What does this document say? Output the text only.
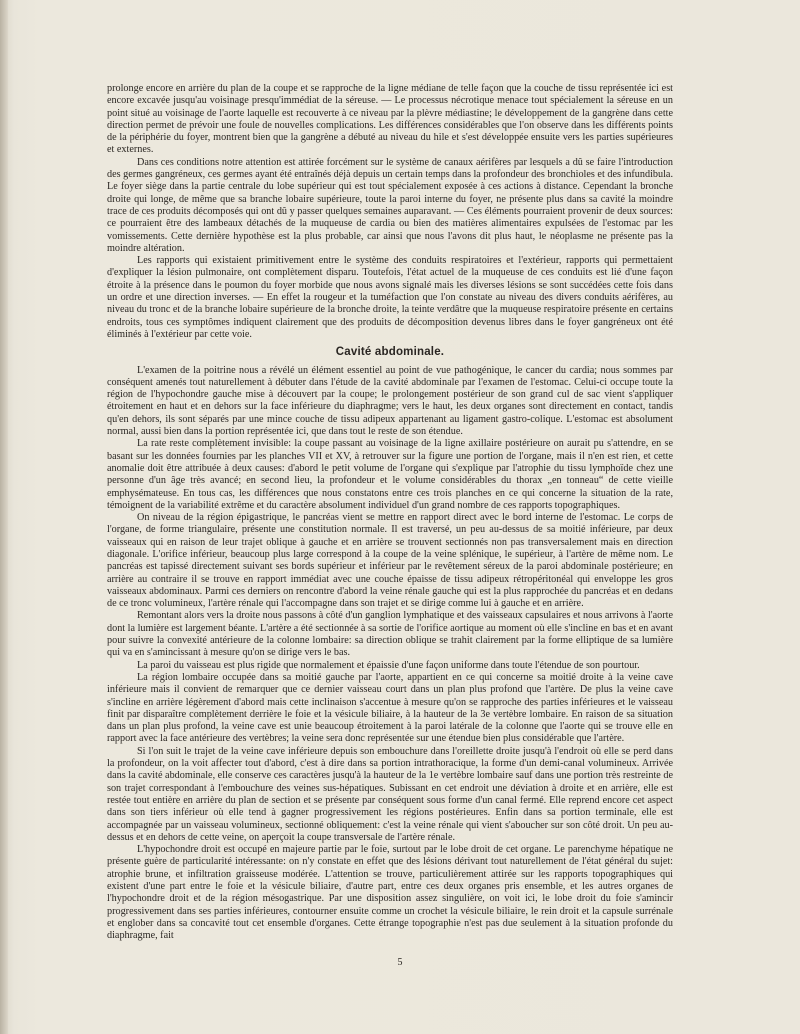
prolonge encore en arrière du plan de la coupe et se rapproche de la ligne médiane de telle façon que la couche de tissu représentée ici est encore excavée jusqu'au voisinage presqu'immédiat de la séreuse. — Le processus nécrotique menace tout spécialement la séreuse en un point situé au voisinage de l'aorte laquelle est recouverte à ce niveau par la plèvre médiastine; le développement de la gangrène dans cette direction permet de prévoir une foule de nouvelles complications. Les différences considérables que l'on observe dans les différents points de la périphérie du foyer, montrent bien que la gangrène a débuté au niveau du hile et s'est développée ensuite vers les parties supérieures et externes.

Dans ces conditions notre attention est attirée forcément sur le système de canaux aérifères par lesquels a dû se faire l'introduction des germes gangréneux, ces germes ayant été entraînés déjà depuis un certain temps dans la profondeur des bronchioles et des infundibula. Le foyer siège dans la partie centrale du lobe supérieur qui est tout spécialement exposée à ces actions à distance. Cependant la bronche droite qui longe, de même que sa branche lobaire supérieure, toute la paroi interne du foyer, ne présente plus dans sa cavité la moindre trace de ces produits décomposés qui ont dû y passer quelques semaines auparavant. — Ces éléments pourraient provenir de deux sources: ce pourraient être des lambeaux détachés de la muqueuse de cardia ou bien des matières alimentaires expulsées de l'estomac par les vomissements. Cette dernière hypothèse est la plus probable, car ainsi que nous l'avons dit plus haut, le néoplasme ne présente pas la moindre altération.

Les rapports qui existaient primitivement entre le système des conduits respiratoires et l'extérieur, rapports qui permettaient d'expliquer la lésion pulmonaire, ont complètement disparu. Toutefois, l'état actuel de la muqueuse de ces conduits est lié d'une façon étroite à la présence dans le poumon du foyer morbide que nous avons signalé mais les diverses lésions se sont succédées cette fois dans un ordre et une direction inverses. — En effet la rougeur et la tuméfaction que l'on constate au niveau des divers conduits aérifères, au niveau du tronc et de la branche lobaire supérieure de la bronche droite, la teinte verdâtre que la muqueuse respiratoire présente en certains endroits, tous ces symptômes indiquent clairement que des produits de décomposition devenus libres dans le foyer gangréneux ont été éliminés à l'extérieur par cette voie.

Cavité abdominale.

L'examen de la poitrine nous a révélé un élément essentiel au point de vue pathogénique, le cancer du cardia; nous sommes par conséquent amenés tout naturellement à débuter dans l'étude de la cavité abdominale par l'examen de l'estomac. Celui-ci occupe toute la région de l'hypochondre gauche mise à découvert par la coupe; le prolongement postérieur de son grand cul de sac vient s'appliquer étroitement en haut et en dehors sur la face inférieure du diaphragme; vers le haut, les deux organes sont directement en contact, tandis qu'en dehors, ils sont séparés par une mince couche de tissu adipeux appartenant au ligament gastro-colique. L'estomac est absolument normal, aussi bien dans la portion représentée ici, que dans tout le reste de son étendue.

La rate reste complètement invisible: la coupe passant au voisinage de la ligne axillaire postérieure on aurait pu s'attendre, en se basant sur les données fournies par les planches VII et XV, à retrouver sur la figure une portion de l'organe, mais il n'en est rien, et cette anomalie doit être attribuée à deux causes: d'abord le petit volume de l'organe qui s'explique par l'atrophie du tissu lymphoïde chez une personne d'un âge très avancé; en second lieu, la profondeur et le volume considérables du thorax „en tonneau“ de cette vieille emphysémateuse. En tous cas, les différences que nous constatons entre ces trois planches en ce qui concerne la situation de la rate, témoignent de la variabilité extrême et du caractère absolument individuel d'un grand nombre de ces rapports topographiques.

On niveau de la région épigastrique, le pancréas vient se mettre en rapport direct avec le bord interne de l'estomac. Le corps de l'organe, de forme triangulaire, présente une constitution normale. Il est traversé, un peu au-dessus de sa moitié inférieure, par deux vaisseaux qui en raison de leur trajet oblique à gauche et en arrière se trouvent sectionnés non pas transversalement mais en direction diagonale. L'orifice inférieur, beaucoup plus large correspond à la coupe de la veine splénique, le supérieur, à l'artère de même nom. Le pancréas est tapissé directement suivant ses bords supérieur et inférieur par le revêtement séreux de la paroi abdominale postérieure; en arrière au contraire il se trouve en rapport immédiat avec une couche épaisse de tissu adipeux rétropéritonéal qui enveloppe les gros vaisseaux abdominaux. Parmi ces derniers on rencontre d'abord la veine rénale gauche qui est la plus rapprochée du pancréas et en dedans de ce tronc volumineux, l'artère rénale qui l'accompagne dans son trajet et se dirige comme lui à gauche et en arrière.

Remontant alors vers la droite nous passons à côté d'un ganglion lymphatique et des vaisseaux capsulaires et nous arrivons à l'aorte dont la lumière est largement béante. L'artère a été sectionnée à sa sortie de l'orifice aortique au moment où elle s'incline en bas et en avant pour suivre la convexité antérieure de la colonne lombaire: sa direction oblique se trahit clairement par la forme elliptique de sa lumière qui va en s'amincissant à mesure qu'on se dirige vers le bas.

La paroi du vaisseau est plus rigide que normalement et épaissie d'une façon uniforme dans toute l'étendue de son pourtour.

La région lombaire occupée dans sa moitié gauche par l'aorte, appartient en ce qui concerne sa moitié droite à la veine cave inférieure mais il convient de remarquer que ce dernier vaisseau court dans un plan plus profond que l'artère. De plus la veine cave s'incline en arrière légèrement d'abord mais cette inclinaison s'accentue à mesure qu'on se rapproche des parties inférieures et le vaisseau finit par disparaître complètement derrière le foie et la vésicule biliaire, à la hauteur de la 3e vertèbre lombaire. En raison de sa situation dans un plan plus profond, la veine cave est unie beaucoup étroitement à la paroi latérale de la colonne que l'aorte qui se trouve elle en rapport avec la face antérieure des vertèbres; la veine sera donc représentée sur une étendue bien plus considérable que l'artère.

Si l'on suit le trajet de la veine cave inférieure depuis son embouchure dans l'oreillette droite jusqu'à l'endroit où elle se perd dans la profondeur, on la voit affecter tout d'abord, c'est à dire dans sa portion intrathoracique, la forme d'un demi-canal volumineux. Arrivée dans la cavité abdominale, elle conserve ces caractères jusqu'à la hauteur de la 1e vertèbre lombaire sauf dans une portion très restreinte de son trajet correspondant à l'embouchure des veines sus-hépatiques. Subissant en cet endroit une déviation à droite et en arrière, elle est restée tout entière en arrière du plan de section et se présente par conséquent sous forme d'un canal fermé. Elle reprend encore cet aspect dans son tiers inférieur où elle tend à gagner progressivement les régions postérieures. Enfin dans sa portion terminale, elle est accompagnée par un vaisseau volumineux, sectionné obliquement: c'est la veine rénale qui vient s'aboucher sur son côté droit. Un peu au-dessus et en dehors de cette veine, on aperçoit la coupe transversale de l'artère rénale.

L'hypochondre droit est occupé en majeure partie par le foie, surtout par le lobe droit de cet organe. Le parenchyme hépatique ne présente guère de particularité intéressante: on n'y constate en effet que des lésions dérivant tout naturellement de l'état général du sujet: atrophie brune, et infiltration graisseuse modérée. L'attention se trouve, particulièrement attirée sur les rapports topographiques qui existent d'une part entre le foie et la vésicule biliaire, d'autre part, entre ces deux organes pris ensemble, et les autres organes de l'hypochondre droit et de la région mésogastrique. Par une disposition assez singulière, on voit ici, le lobe droit du foie s'amincir progressivement dans ses parties inférieures, contourner ensuite comme un crochet la vésicule biliaire, le rein droit et la capsule surrénale et englober dans sa concavité tout cet ensemble d'organes. Cette étrange topographie n'est pas due seulement à la situation profonde du diaphragme, fait

5
